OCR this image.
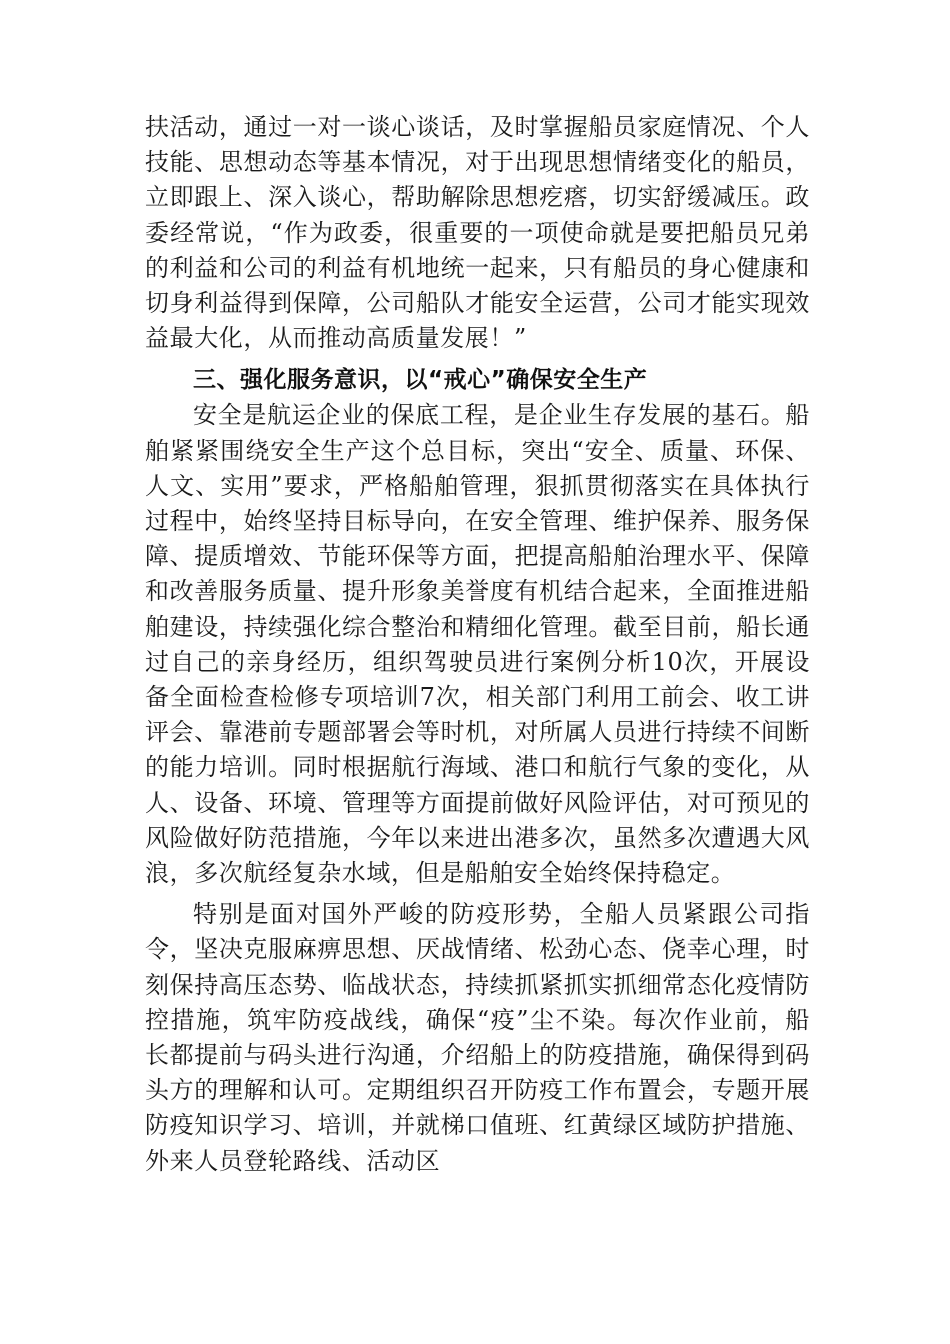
扶活动，通过一对一谈心谈话，及时掌握船员家庭情况、个人技能、思想动态等基本情况，对于出现思想情绪变化的船员，立即跟上、深入谈心，帮助解除思想疙瘩，切实舒缓减压。政委经常说，“作为政委，很重要的一项使命就是要把船员兄弟的利益和公司的利益有机地统一起来，只有船员的身心健康和切身利益得到保障，公司船队才能安全运营，公司才能实现效益最大化，从而推动高质量发展！”

三、强化服务意识，以“戒心”确保安全生产

安全是航运企业的保底工程，是企业生存发展的基石。船舶紧紧围绕安全生产这个总目标，突出“安全、质量、环保、人文、实用”要求，严格船舶管理，狠抓贯彻落实在具体执行过程中，始终坚持目标导向，在安全管理、维护保养、服务保障、提质增效、节能环保等方面，把提高船舶治理水平、保障和改善服务质量、提升形象美誉度有机结合起来，全面推进船舶建设，持续强化综合整治和精细化管理。截至目前，船长通过自己的亲身经历，组织驾驶员进行案例分析10次，开展设备全面检查检修专项培训7次，相关部门利用工前会、收工讲评会、靠港前专题部署会等时机，对所属人员进行持续不间断的能力培训。同时根据航行海域、港口和航行气象的变化，从人、设备、环境、管理等方面提前做好风险评估，对可预见的风险做好防范措施，今年以来进出港多次，虽然多次遭遇大风浪，多次航经复杂水域，但是船舶安全始终保持稳定。

特别是面对国外严峻的防疫形势，全船人员紧跟公司指令，坚决克服麻痹思想、厌战情绪、松劲心态、侥幸心理，时刻保持高压态势、临战状态，持续抓紧抓实抓细常态化疫情防控措施，筑牢防疫战线，确保“疫”尘不染。每次作业前，船长都提前与码头进行沟通，介绍船上的防疫措施，确保得到码头方的理解和认可。定期组织召开防疫工作布置会，专题开展防疫知识学习、培训，并就梯口值班、红黄绿区域防护措施、外来人员登轮路线、活动区
